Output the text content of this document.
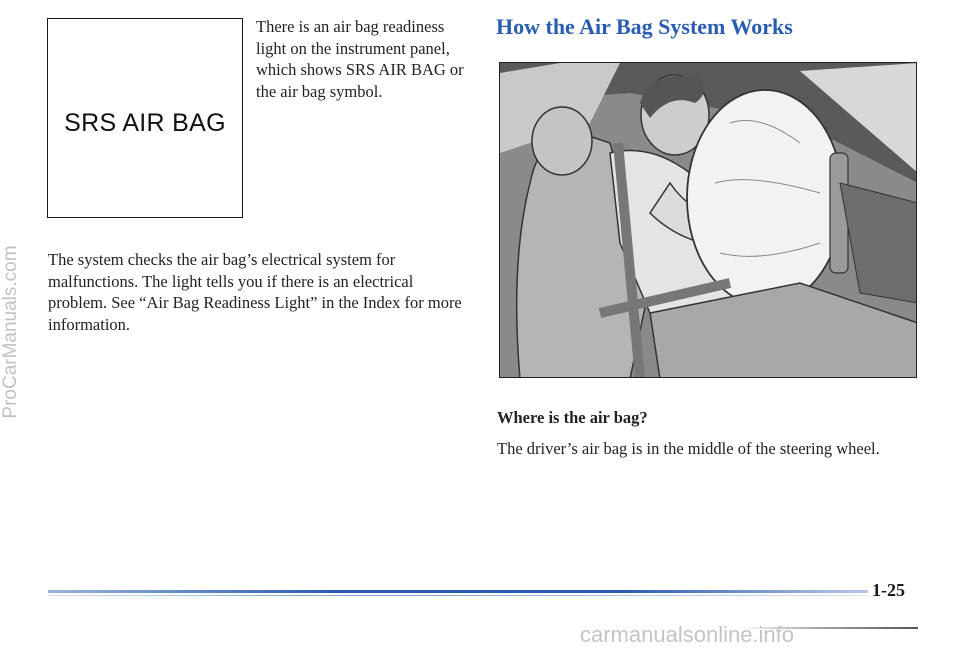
ProCarManuals.com
SRS AIR BAG
There is an air bag readiness light on the instrument panel, which shows SRS AIR BAG or the air bag symbol.
The system checks the air bag’s electrical system for malfunctions. The light tells you if there is an electrical problem. See “Air Bag Readiness Light” in the Index for more information.
How the Air Bag System Works
Where is the air bag?
The driver’s air bag is in the middle of the steering wheel.
1-25
carmanualsonline.info
